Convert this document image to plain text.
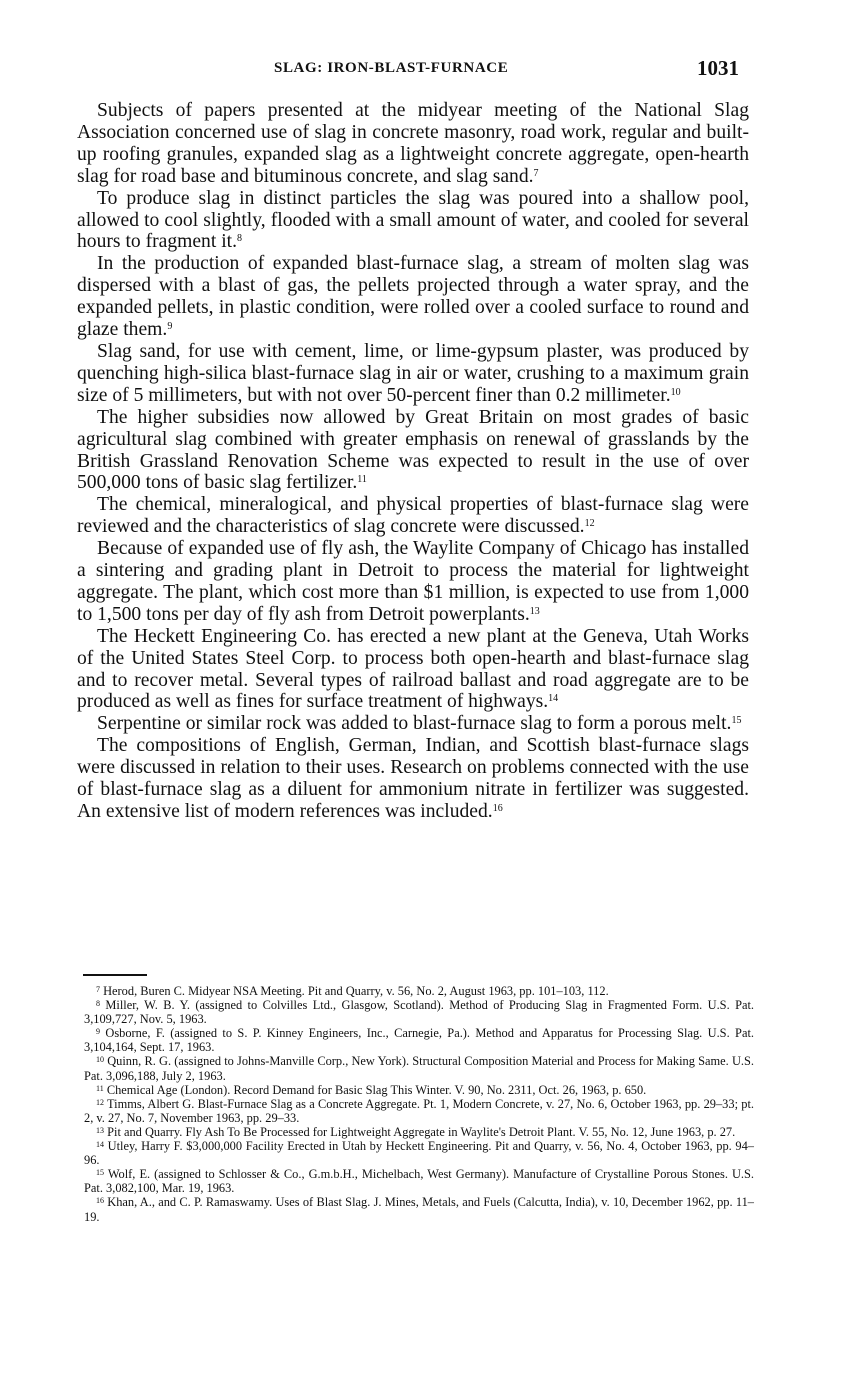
SLAG: IRON-BLAST-FURNACE	1031

Subjects of papers presented at the midyear meeting of the National Slag Association concerned use of slag in concrete masonry, road work, regular and built-up roofing granules, expanded slag as a lightweight concrete aggregate, open-hearth slag for road base and bituminous concrete, and slag sand.$^7$

To produce slag in distinct particles the slag was poured into a shallow pool, allowed to cool slightly, flooded with a small amount of water, and cooled for several hours to fragment it.$^8$

In the production of expanded blast-furnace slag, a stream of molten slag was dispersed with a blast of gas, the pellets projected through a water spray, and the expanded pellets, in plastic condition, were rolled over a cooled surface to round and glaze them.$^9$

Slag sand, for use with cement, lime, or lime-gypsum plaster, was produced by quenching high-silica blast-furnace slag in air or water, crushing to a maximum grain size of 5 millimeters, but with not over 50-percent finer than 0.2 millimeter.$^{10}$

The higher subsidies now allowed by Great Britain on most grades of basic agricultural slag combined with greater emphasis on renewal of grasslands by the British Grassland Renovation Scheme was expected to result in the use of over 500,000 tons of basic slag fertilizer.$^{11}$

The chemical, mineralogical, and physical properties of blast-furnace slag were reviewed and the characteristics of slag concrete were discussed.$^{12}$

Because of expanded use of fly ash, the Waylite Company of Chicago has installed a sintering and grading plant in Detroit to process the material for lightweight aggregate. The plant, which cost more than $1 million, is expected to use from 1,000 to 1,500 tons per day of fly ash from Detroit powerplants.$^{13}$

The Heckett Engineering Co. has erected a new plant at the Geneva, Utah Works of the United States Steel Corp. to process both open-hearth and blast-furnace slag and to recover metal. Several types of railroad ballast and road aggregate are to be produced as well as fines for surface treatment of highways.$^{14}$

Serpentine or similar rock was added to blast-furnace slag to form a porous melt.$^{15}$

The compositions of English, German, Indian, and Scottish blast-furnace slags were discussed in relation to their uses. Research on problems connected with the use of blast-furnace slag as a diluent for ammonium nitrate in fertilizer was suggested. An extensive list of modern references was included.$^{16}$

$^7$ Herod, Buren C. Midyear NSA Meeting. Pit and Quarry, v. 56, No. 2, August 1963, pp. 101–103, 112.

$^8$ Miller, W. B. Y. (assigned to Colvilles Ltd., Glasgow, Scotland). Method of Producing Slag in Fragmented Form. U.S. Pat. 3,109,727, Nov. 5, 1963.

$^9$ Osborne, F. (assigned to S. P. Kinney Engineers, Inc., Carnegie, Pa.). Method and Apparatus for Processing Slag. U.S. Pat. 3,104,164, Sept. 17, 1963.

$^{10}$ Quinn, R. G. (assigned to Johns-Manville Corp., New York). Structural Composition Material and Process for Making Same. U.S. Pat. 3,096,188, July 2, 1963.

$^{11}$ Chemical Age (London). Record Demand for Basic Slag This Winter. V. 90, No. 2311, Oct. 26, 1963, p. 650.

$^{12}$ Timms, Albert G. Blast-Furnace Slag as a Concrete Aggregate. Pt. 1, Modern Concrete, v. 27, No. 6, October 1963, pp. 29–33; pt. 2, v. 27, No. 7, November 1963, pp. 29–33.

$^{13}$ Pit and Quarry. Fly Ash To Be Processed for Lightweight Aggregate in Waylite's Detroit Plant. V. 55, No. 12, June 1963, p. 27.

$^{14}$ Utley, Harry F. $3,000,000 Facility Erected in Utah by Heckett Engineering. Pit and Quarry, v. 56, No. 4, October 1963, pp. 94–96.

$^{15}$ Wolf, E. (assigned to Schlosser & Co., G.m.b.H., Michelbach, West Germany). Manufacture of Crystalline Porous Stones. U.S. Pat. 3,082,100, Mar. 19, 1963.

$^{16}$ Khan, A., and C. P. Ramaswamy. Uses of Blast Slag. J. Mines, Metals, and Fuels (Calcutta, India), v. 10, December 1962, pp. 11–19.
